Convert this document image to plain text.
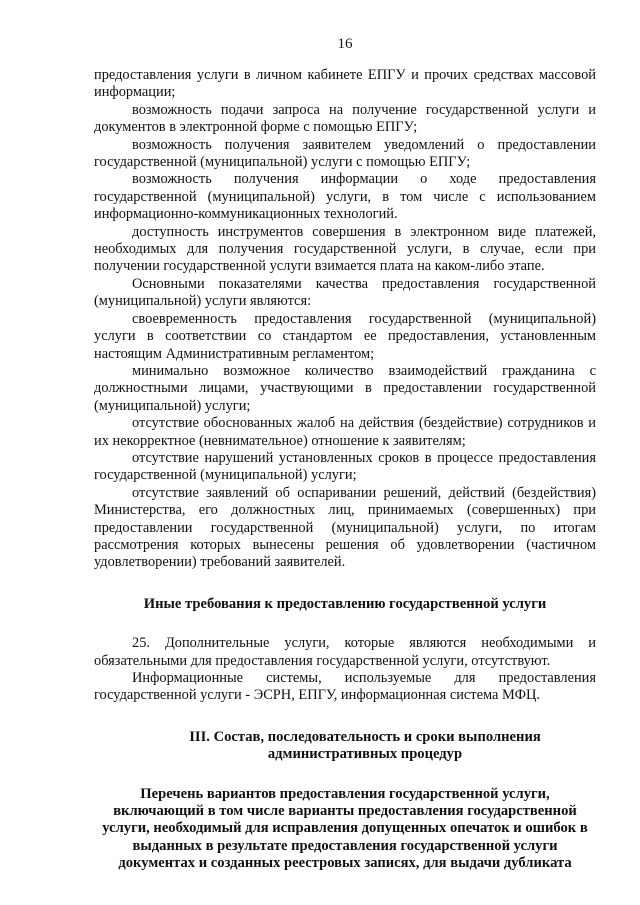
16

предоставления услуги в личном кабинете ЕПГУ и прочих средствах массовой информации;

возможность подачи запроса на получение государственной услуги и документов в электронной форме с помощью ЕПГУ;

возможность получения заявителем уведомлений о предоставлении государственной (муниципальной) услуги с помощью ЕПГУ;

возможность получения информации о ходе предоставления государственной (муниципальной) услуги, в том числе с использованием информационно-коммуникационных технологий.

доступность инструментов совершения в электронном виде платежей, необходимых для получения государственной услуги, в случае, если при получении государственной услуги взимается плата на каком-либо этапе.

Основными показателями качества предоставления государственной (муниципальной) услуги являются:

своевременность предоставления государственной (муниципальной) услуги в соответствии со стандартом ее предоставления, установленным настоящим Административным регламентом;

минимально возможное количество взаимодействий гражданина с должностными лицами, участвующими в предоставлении государственной (муниципальной) услуги;

отсутствие обоснованных жалоб на действия (бездействие) сотрудников и их некорректное (невнимательное) отношение к заявителям;

отсутствие нарушений установленных сроков в процессе предоставления государственной (муниципальной) услуги;

отсутствие заявлений об оспаривании решений, действий (бездействия) Министерства, его должностных лиц, принимаемых (совершенных) при предоставлении государственной (муниципальной) услуги, по итогам рассмотрения которых вынесены решения об удовлетворении (частичном удовлетворении) требований заявителей.

Иные требования к предоставлению государственной услуги

25. Дополнительные услуги, которые являются необходимыми и обязательными для предоставления государственной услуги, отсутствуют.

Информационные системы, используемые для предоставления государственной услуги - ЭСРН, ЕПГУ, информационная система МФЦ.

III. Состав, последовательность и сроки выполнения административных процедур
Перечень вариантов предоставления государственной услуги, включающий в том числе варианты предоставления государственной услуги, необходимый для исправления допущенных опечаток и ошибок в выданных в результате предоставления государственной услуги документах и созданных реестровых записях, для выдачи дубликата
